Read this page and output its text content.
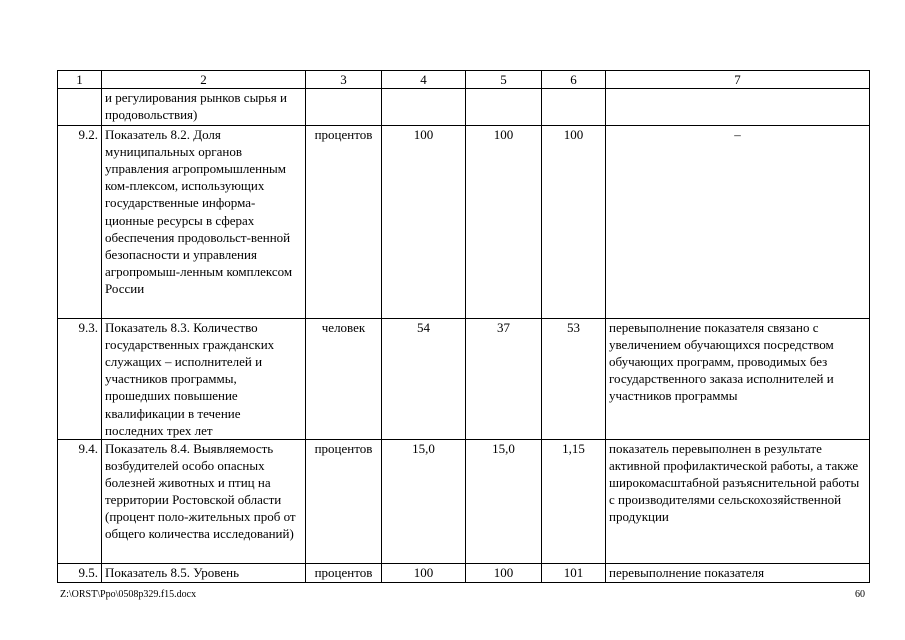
1	2	3	4	5	6	7
	и регулирования рынков сырья и продовольствия)					
9.2.	Показатель 8.2. Доля муниципальных органов управления агропромышленным ком-плексом, использующих государственные информа-ционные ресурсы в сферах обеспечения продовольст-венной безопасности и управления агропромыш-ленным комплексом России	процентов	100	100	100	–
9.3.	Показатель 8.3. Количество государственных гражданских служащих – исполнителей и участников программы, прошедших повышение квалификации в течение последних трех лет	человек	54	37	53	перевыполнение показателя связано с увеличением обучающихся посредством обучающих программ, проводимых без государственного заказа исполнителей и участников программы
9.4.	Показатель 8.4. Выявляемость возбудителей особо опасных болезней животных и птиц на территории Ростовской области (процент поло-жительных проб от общего количества исследований)	процентов	15,0	15,0	1,15	показатель перевыполнен в результате активной профилактической работы, а также широкомасштабной разъяснительной работы с производителями сельскохозяйственной продукции
9.5.	Показатель 8.5. Уровень	процентов	100	100	101	перевыполнение показателя
Z:\ORST\Ppo\0508p329.f15.docx	60
